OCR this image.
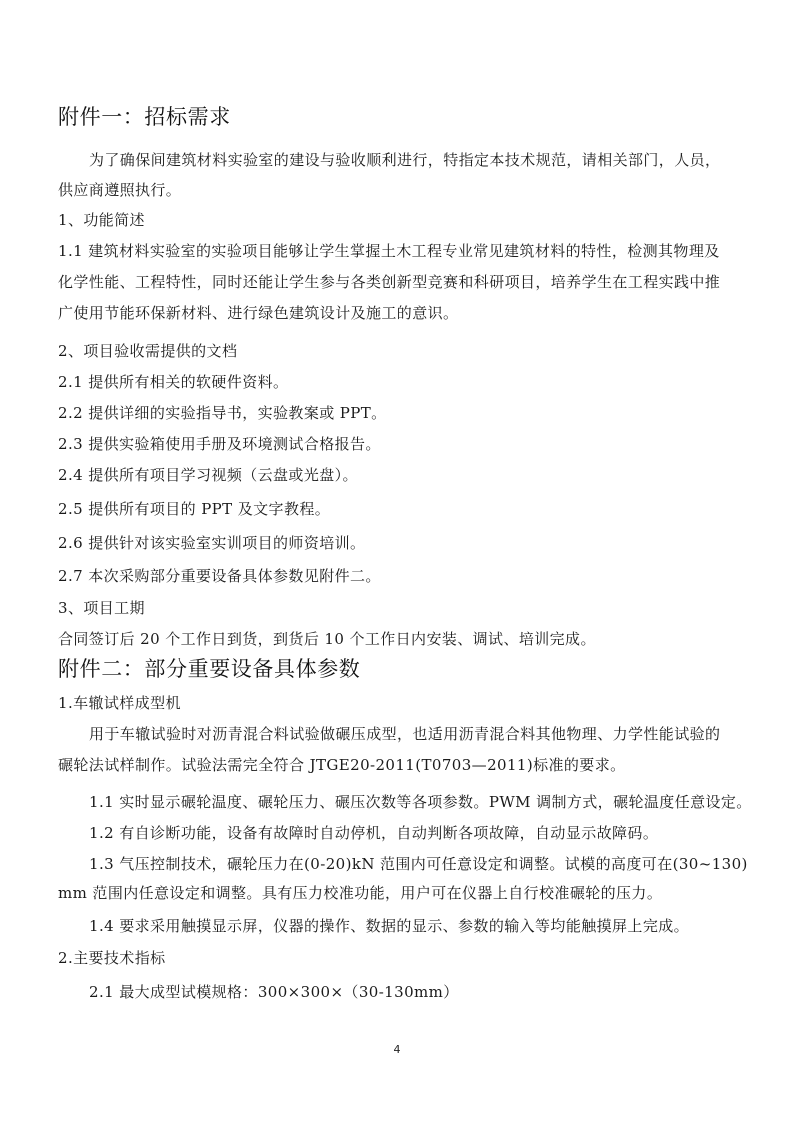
附件一：招标需求
为了确保间建筑材料实验室的建设与验收顺利进行，特指定本技术规范，请相关部门，人员，
供应商遵照执行。
1、功能简述
1.1 建筑材料实验室的实验项目能够让学生掌握土木工程专业常见建筑材料的特性，检测其物理及
化学性能、工程特性，同时还能让学生参与各类创新型竞赛和科研项目，培养学生在工程实践中推
广使用节能环保新材料、进行绿色建筑设计及施工的意识。
2、项目验收需提供的文档
2.1 提供所有相关的软硬件资料。
2.2 提供详细的实验指导书，实验教案或 PPT。
2.3 提供实验箱使用手册及环境测试合格报告。
2.4 提供所有项目学习视频（云盘或光盘）。
2.5 提供所有项目的 PPT 及文字教程。
2.6 提供针对该实验室实训项目的师资培训。
2.7 本次采购部分重要设备具体参数见附件二。
3、项目工期
合同签订后 20 个工作日到货，到货后 10 个工作日内安装、调试、培训完成。
附件二：部分重要设备具体参数
1.车辙试样成型机
用于车辙试验时对沥青混合料试验做碾压成型，也适用沥青混合料其他物理、力学性能试验的
碾轮法试样制作。试验法需完全符合 JTGE20-2011(T0703—2011)标准的要求。
1.1 实时显示碾轮温度、碾轮压力、碾压次数等各项参数。PWM 调制方式，碾轮温度任意设定。
1.2 有自诊断功能，设备有故障时自动停机，自动判断各项故障，自动显示故障码。
1.3 气压控制技术，碾轮压力在(0-20)kN 范围内可任意设定和调整。试模的高度可在(30~130)
mm 范围内任意设定和调整。具有压力校准功能，用户可在仪器上自行校准碾轮的压力。
1.4 要求采用触摸显示屏，仪器的操作、数据的显示、参数的输入等均能触摸屏上完成。
2.主要技术指标
2.1 最大成型试模规格：300×300×（30-130mm）
4
